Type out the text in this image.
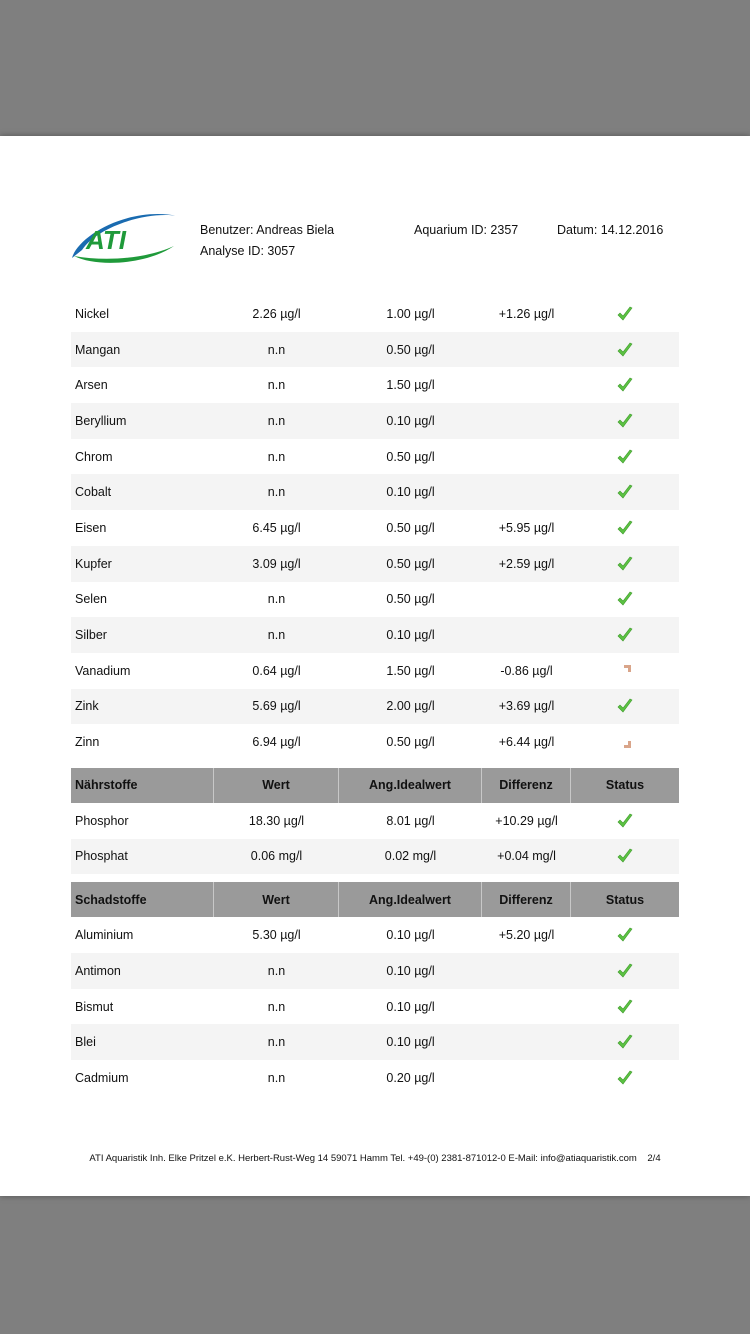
ATI	Benutzer: Andreas Biela
Analyse ID: 3057
Aquarium ID: 2357	Datum: 14.12.2016
Nickel	2.26 µg/l	1.00 µg/l	+1.26 µg/l
Mangan	n.n	0.50 µg/l
Arsen	n.n	1.50 µg/l
Beryllium	n.n	0.10 µg/l
Chrom	n.n	0.50 µg/l
Cobalt	n.n	0.10 µg/l
Eisen	6.45 µg/l	0.50 µg/l	+5.95 µg/l
Kupfer	3.09 µg/l	0.50 µg/l	+2.59 µg/l
Selen	n.n	0.50 µg/l
Silber	n.n	0.10 µg/l
Vanadium	0.64 µg/l	1.50 µg/l	-0.86 µg/l
Zink	5.69 µg/l	2.00 µg/l	+3.69 µg/l
Zinn	6.94 µg/l	0.50 µg/l	+6.44 µg/l
Nährstoffe	Wert	Ang.Idealwert	Differenz	Status
Phosphor	18.30 µg/l	8.01 µg/l	+10.29 µg/l
Phosphat	0.06 mg/l	0.02 mg/l	+0.04 mg/l
Schadstoffe	Wert	Ang.Idealwert	Differenz	Status
Aluminium	5.30 µg/l	0.10 µg/l	+5.20 µg/l
Antimon	n.n	0.10 µg/l
Bismut	n.n	0.10 µg/l
Blei	n.n	0.10 µg/l
Cadmium	n.n	0.20 µg/l
ATI Aquaristik Inh. Elke Pritzel e.K. Herbert-Rust-Weg 14 59071 Hamm Tel. +49-(0) 2381-871012-0 E-Mail: info@atiaquaristik.com 2/4
